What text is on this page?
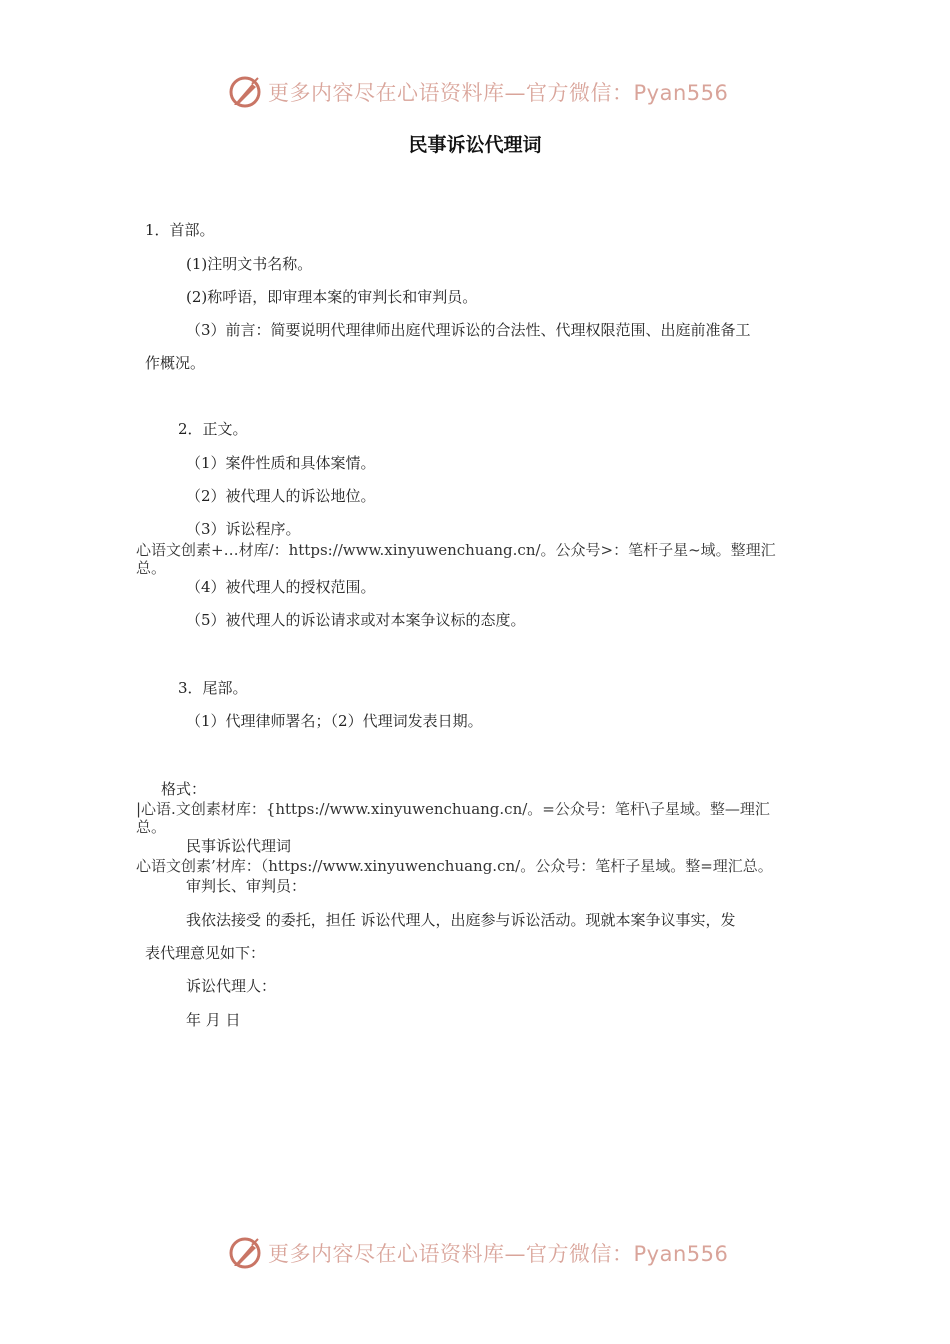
更多内容尽在心语资料库—官方微信：Pyan556
民事诉讼代理词
1．首部。
(1)注明文书名称。
(2)称呼语，即审理本案的审判长和审判员。
（3）前言：简要说明代理律师出庭代理诉讼的合法性、代理权限范围、出庭前准备工
作概况。
2．正文。
（1）案件性质和具体案情。
（2）被代理人的诉讼地位。
（3）诉讼程序。
心语文创素+…材库/：https://www.xinyuwenchuang.cn/。公众号>：笔杆子星~域。整理汇
总。
（4）被代理人的授权范围。
（5）被代理人的诉讼请求或对本案争议标的态度。
3．尾部。
（1）代理律师署名；（2）代理词发表日期。
格式：
|心语.文创素材库：{https://www.xinyuwenchuang.cn/。=公众号：笔杆\子星域。整—理汇
总。
民事诉讼代理词
心语文创素’材库：（https://www.xinyuwenchuang.cn/。公众号：笔杆子星域。整=理汇总。
审判长、审判员：
我依法接受 的委托，担任 诉讼代理人，出庭参与诉讼活动。现就本案争议事实，发
表代理意见如下：
诉讼代理人：
年 月 日
更多内容尽在心语资料库—官方微信：Pyan556
